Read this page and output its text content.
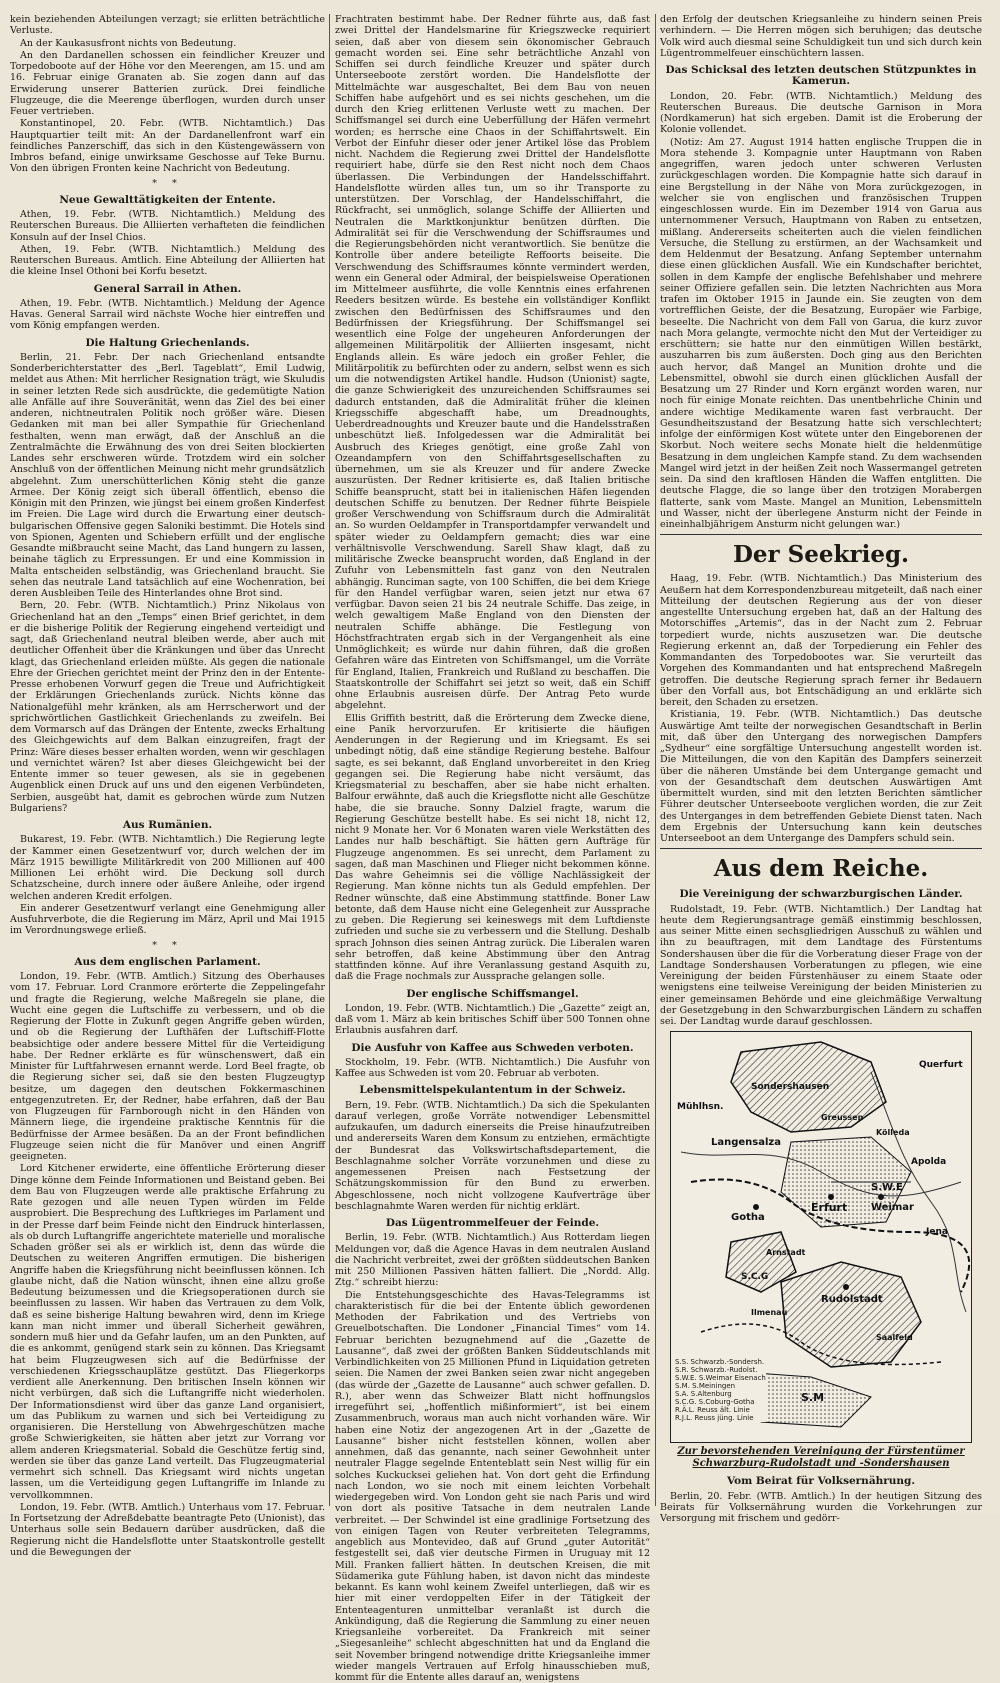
kein beziehenden Abteilungen verzagt; sie erlitten beträchtliche Verluste.

An der Kaukasusfront nichts von Bedeutung.

An den Dardanellen schossen ein feindlicher Kreuzer und Torpedoboote auf der Höhe vor den Meerengen, am 15. und am 16. Februar einige Granaten ab. Sie zogen dann auf das Erwiderung unserer Batterien zurück. Drei feindliche Flugzeuge, die die Meerenge überflogen, wurden durch unser Feuer vertrieben.

Konstantinopel, 20. Febr. (WTB. Nichtamtlich.) Das Hauptquartier teilt mit: An der Dardanellenfront warf ein feindliches Panzerschiff, das sich in den Küstengewässern von Imbros befand, einige unwirksame Geschosse auf Teke Burnu. Von den übrigen Fronten keine Nachricht von Bedeutung.

* *
Neue Gewalttätigkeiten der Entente.

Athen, 19. Febr. (WTB. Nichtamtlich.) Meldung des Reuterschen Bureaus. Die Alliierten verhafteten die feindlichen Konsuln auf der Insel Chios.

Athen, 19. Febr. (WTB. Nichtamtlich.) Meldung des Reuterschen Bureaus. Amtlich. Eine Abteilung der Alliierten hat die kleine Insel Othoni bei Korfu besetzt.

General Sarrail in Athen.

Athen, 19. Febr. (WTB. Nichtamtlich.) Meldung der Agence Havas. General Sarrail wird nächste Woche hier eintreffen und vom König empfangen werden.

Die Haltung Griechenlands.

Berlin, 21. Febr. Der nach Griechenland entsandte Sonderberichterstatter des „Berl. Tageblatt“, Emil Ludwig, meldet aus Athen: Mit herrlicher Resignation trägt, wie Skuludis in seiner letzten Rede sich ausdrückte, die gedemütigte Nation alle Anfälle auf ihre Souveränität, wenn das Ziel des bei einer anderen, nichtneutralen Politik noch größer wäre. Diesen Gedanken mit man bei aller Sympathie für Griechenland festhalten, wenn man erwägt, daß der Anschluß an die Zentralmächte die Erwähnung des von drei Seiten blockierten Landes sehr erschweren würde. Trotzdem wird ein solcher Anschluß von der öffentlichen Meinung nicht mehr grundsätzlich abgelehnt. Zum unerschütterlichen König steht die ganze Armee. Der König zeigt sich überall öffentlich, ebenso die Königin mit den Prinzen, wie jüngst bei einem großen Kinderfest im Freien. Die Lage wird durch die Erwartung einer deutsch-bulgarischen Offensive gegen Saloniki bestimmt. Die Hotels sind von Spionen, Agenten und Schiebern erfüllt und der englische Gesandte mißbraucht seine Macht, das Land hungern zu lassen, beinahe täglich zu Erpressungen. Er und eine Kommission in Malta entscheiden selbständig, was Griechenland braucht. Sie sehen das neutrale Land tatsächlich auf eine Wochenration, bei deren Ausbleiben Teile des Hinterlandes ohne Brot sind.

Bern, 20. Febr. (WTB. Nichtamtlich.) Prinz Nikolaus von Griechenland hat an den „Temps“ einen Brief gerichtet, in dem er die bisherige Politik der Regierung eingehend verteidigt und sagt, daß Griechenland neutral bleiben werde, aber auch mit deutlicher Offenheit über die Kränkungen und über das Unrecht klagt, das Griechenland erleiden müßte. Als gegen die nationale Ehre der Griechen gerichtet meint der Prinz den in der Entente-Presse erhobenen Vorwurf gegen die Treue und Aufrichtigkeit der Erklärungen Griechenlands zurück. Nichts könne das Nationalgefühl mehr kränken, als am Herrscherwort und der sprichwörtlichen Gastlichkeit Griechenlands zu zweifeln. Bei dem Vormarsch auf das Drängen der Entente, zwecks Erhaltung des Gleichgewichts auf dem Balkan einzugreifen, fragt der Prinz: Wäre dieses besser erhalten worden, wenn wir geschlagen und vernichtet wären? Ist aber dieses Gleichgewicht bei der Entente immer so teuer gewesen, als sie in gegebenen Augenblick einen Druck auf uns und den eigenen Verbündeten, Serbien, ausgeübt hat, damit es gebrochen würde zum Nutzen Bulgariens?

Aus Rumänien.

Bukarest, 19. Febr. (WTB. Nichtamtlich.) Die Regierung legte der Kammer einen Gesetzentwurf vor, durch welchen der im März 1915 bewilligte Militärkredit von 200 Millionen auf 400 Millionen Lei erhöht wird. Die Deckung soll durch Schatzscheine, durch innere oder äußere Anleihe, oder irgend welchen anderen Kredit erfolgen.

Ein anderer Gesetzentwurf verlangt eine Genehmigung aller Ausfuhrverbote, die die Regierung im März, April und Mai 1915 im Verordnungswege erließ.

* *
Aus dem englischen Parlament.

London, 19. Febr. (WTB. Amtlich.) Sitzung des Oberhauses vom 17. Februar. Lord Cranmore erörterte die Zeppelingefahr und fragte die Regierung, welche Maßregeln sie plane, die Wucht eine gegen die Luftschiffe zu verbessern, und ob die Regierung der Flotte in Zukunft gegen Angriffe geben würden, und ob die Regierung der Lufthäfen der Luftschiff-Flotte beabsichtige oder andere bessere Mittel für die Verteidigung habe. Der Redner erklärte es für wünschenswert, daß ein Minister für Luftfahrwesen ernannt werde. Lord Beel fragte, ob die Regierung sicher sei, daß sie den besten Flugzeugtyp besitze, um dagegen den deutschen Fokkermaschinen entgegenzutreten. Er, der Redner, habe erfahren, daß der Bau von Flugzeugen für Farnborough nicht in den Händen von Männern liege, die irgendeine praktische Kenntnis für die Bedürfnisse der Armee besäßen. Da an der Front befindlichen Flugzeuge seien nicht die für Manöver und einen Angriff geeigneten.

Lord Kitchener erwiderte, eine öffentliche Erörterung dieser Dinge könne dem Feinde Informationen und Beistand geben. Bei dem Bau von Flugzeugen werde alle praktische Erfahrung zu Rate gezogen und alle neuen Typen würden im Felde ausprobiert. Die Besprechung des Luftkrieges im Parlament und in der Presse darf beim Feinde nicht den Eindruck hinterlassen, als ob durch Luftangriffe angerichtete materielle und moralische Schaden größer sei als er wirklich ist, denn das würde die Deutschen zu weiteren Angriffen ermutigen. Die bisherigen Angriffe haben die Kriegsführung nicht beeinflussen können. Ich glaube nicht, daß die Nation wünscht, ihnen eine allzu große Bedeutung beizumessen und die Kriegsoperationen durch sie beeinflussen zu lassen. Wir haben das Vertrauen zu dem Volk, daß es seine bisherige Haltung bewahren wird, denn im Kriege kann man nicht immer und überall Sicherheit gewähren, sondern muß hier und da Gefahr laufen, um an den Punkten, auf die es ankommt, genügend stark sein zu können. Das Kriegsamt hat beim Flugzeugwesen sich auf die Bedürfnisse der verschiedenen Kriegsschauplätze gestützt. Das Fliegerkorps verdient alle Anerkennung. Den britischen Inseln können wir nicht verbürgen, daß sich die Luftangriffe nicht wiederholen. Der Informationsdienst wird über das ganze Land organisiert, um das Publikum zu warnen und sich bei Verteidigung zu organisieren. Die Herstellung von Abwehrgeschützen mache große Schwierigkeiten, sie hätten aber jetzt zur Vorrang vor allem anderen Kriegsmaterial. Sobald die Geschütze fertig sind, werden sie über das ganze Land verteilt. Das Flugzeugmaterial vermehrt sich schnell. Das Kriegsamt wird nichts ungetan lassen, um die Verteidigung gegen Luftangriffe im Inlande zu vervollkommnen.

London, 19. Febr. (WTB. Amtlich.) Unterhaus vom 17. Februar. In Fortsetzung der Adreßdebatte beantragte Peto (Unionist), das Unterhaus solle sein Bedauern darüber ausdrücken, daß die Regierung nicht die Handelsflotte unter Staatskontrolle gestellt und die Bewegungen der

Frachtraten bestimmt habe. Der Redner führte aus, daß fast zwei Drittel der Handelsmarine für Kriegszwecke requiriert seien, daß aber von diesem sein ökonomischer Gebrauch gemacht worden sei. Eine sehr beträchtliche Anzahl von Schiffen sei durch feindliche Kreuzer und später durch Unterseeboote zerstört worden. Die Handelsflotte der Mittelmächte war ausgeschaltet, Bei dem Bau von neuen Schiffen habe aufgehört und es sei nichts geschehen, um die durch den Krieg erlittenen Verluste wett zu machen. Der Schiffsmangel sei durch eine Ueberfüllung der Häfen vermehrt worden; es herrsche eine Chaos in der Schiffahrtswelt. Ein Verbot der Einfuhr dieser oder jener Artikel löse das Problem nicht. Nachdem die Regierung zwei Drittel der Handelsflotte requiriert habe, dürfe sie den Rest nicht noch dem Chaos überlassen. Die Verbindungen der Handelsschiffahrt. Handelsflotte würden alles tun, um so ihr Transporte zu unterstützen. Der Vorschlag, der Handelsschiffahrt, die Rückfracht, sei unmöglich, solange Schiffe der Alliierten und Neutralen die Marktkonjunktur benützen dürften. Die Admiralität sei für die Verschwendung der Schiffsraumes und die Regierungsbehörden nicht verantwortlich. Sie benütze die Kontrolle über andere beteiligte Reffoorts beiseite. Die Verschwendung des Schiffsraumes könnte vermindert werden, wenn ein General oder Admiral, der beispielsweise Operationen im Mittelmeer ausführte, die volle Kenntnis eines erfahrenen Reeders besitzen würde. Es bestehe ein vollständiger Konflikt zwischen den Bedürfnissen des Schiffsraumes und den Bedürfnissen der Kriegsführung. Der Schiffsmangel sei wesentlich eine Folge der ungeheuren Anforderungen der allgemeinen Militärpolitik der Alliierten insgesamt, nicht Englands allein. Es wäre jedoch ein großer Fehler, die Militärpolitik zu befürchten oder zu andern, selbst wenn es sich um die notwendigsten Artikel handle. Hudson (Unionist) sagte, die ganze Schwierigkeit des unzureichenden Schiffsraumes sei dadurch entstanden, daß die Admiralität früher die kleinen Kriegsschiffe abgeschafft habe, um Dreadnoughts, Ueberdreadnoughts und Kreuzer baute und die Handelsstraßen unbeschützt ließ. Infolgedessen war die Admiralität bei Ausbruch des Krieges genötigt, eine große Zahl von Ozeandampfern von den Schiffahrtsgesellschaften zu übernehmen, um sie als Kreuzer und für andere Zwecke auszurüsten. Der Redner kritisierte es, daß Italien britische Schiffe beansprucht, statt bei in italienischen Häfen liegenden deutschen Schiffe zu benutzen. Der Redner führte Beispiele großer Verschwendung von Schiffsraum durch die Admiralität an. So wurden Oeldampfer in Transportdampfer verwandelt und später wieder zu Oeldampfern gemacht; dies war eine verhältnisvolle Verschwendung. Sarell Shaw klagt, daß zu militärische Zwecke beansprucht worden, daß England in der Zufuhr von Lebensmitteln fast ganz von den Neutralen abhängig. Runciman sagte, von 100 Schiffen, die bei dem Kriege für den Handel verfügbar waren, seien jetzt nur etwa 67 verfügbar. Davon seien 21 bis 24 neutrale Schiffe. Das zeige, in welch gewaltigem Maße England von den Diensten der neutralen Schiffe abhänge. Die Festlegung von Höchstfrachtraten ergab sich in der Vergangenheit als eine Unmöglichkeit; es würde nur dahin führen, daß die großen Gefahren wäre das Eintreten von Schiffsmangel, um die Vorräte für England, Italien, Frankreich und Rußland zu beschaffen. Die Staatskontrolle der Schiffahrt sei jetzt so weit, daß ein Schiff ohne Erlaubnis ausreisen dürfe. Der Antrag Peto wurde abgelehnt.

Ellis Griffith bestritt, daß die Erörterung dem Zwecke diene, eine Panik hervorzurufen. Er kritisierte die häufigen Aenderungen in der Regierung und im Kriegsamt. Es sei unbedingt nötig, daß eine ständige Regierung bestehe. Balfour sagte, es sei bekannt, daß England unvorbereitet in den Krieg gegangen sei. Die Regierung habe nicht versäumt, das Kriegsmaterial zu beschaffen, aber sie habe nicht erhalten. Balfour erwähnte, daß auch die Kriegsflotte nicht alle Geschütze habe, die sie brauche. Sonny Dalziel fragte, warum die Regierung Geschütze bestellt habe. Es sei nicht 18, nicht 12, nicht 9 Monate her. Vor 6 Monaten waren viele Werkstätten des Landes nur halb beschäftigt. Sie hätten gern Aufträge für Flugzeuge angenommen. Es sei unrecht, dem Parlament zu sagen, daß man Maschinen und Flieger nicht bekommen könne. Das wahre Geheimnis sei die völlige Nachlässigkeit der Regierung. Man könne nichts tun als Geduld empfehlen. Der Redner wünschte, daß eine Abstimmung stattfinde. Boner Law betonte, daß dem Hause nicht eine Gelegenheit zur Aussprache zu geben. Die Regierung sei keineswegs mit dem Luftdienste zufrieden und suche sie zu verbessern und die Stellung. Deshalb sprach Johnson dies seinen Antrag zurück. Die Liberalen waren sehr betroffen, daß keine Abstimmung über den Antrag stattfinden könne. Auf ihre Veranlassung gestand Asquith zu, daß die Frage nochmals zur Aussprache gelangen solle.

Der englische Schiffsmangel.

London, 19. Febr. (WTB. Nichtamtlich.) Die „Gazette“ zeigt an, daß vom 1. März ab kein britisches Schiff über 500 Tonnen ohne Erlaubnis ausfahren darf.

Die Ausfuhr von Kaffee aus Schweden verboten.

Stockholm, 19. Febr. (WTB. Nichtamtlich.) Die Ausfuhr von Kaffee aus Schweden ist vom 20. Februar ab verboten.

Lebensmittelspekulantentum in der Schweiz.

Bern, 19. Febr. (WTB. Nichtamtlich.) Da sich die Spekulanten darauf verlegen, große Vorräte notwendiger Lebensmittel aufzukaufen, um dadurch einerseits die Preise hinaufzutreiben und andererseits Waren dem Konsum zu entziehen, ermächtigte der Bundesrat das Volkswirtschaftsdepartement, die Beschlagnahme solcher Vorräte vorzunehmen und diese zu angemessenen Preisen nach Festsetzung der Schätzungskommission für den Bund zu erwerben. Abgeschlossene, noch nicht vollzogene Kaufverträge über beschlagnahmte Waren werden für nichtig erklärt.

Das Lügentrommelfeuer der Feinde.

Berlin, 19. Febr. (WTB. Nichtamtlich.) Aus Rotterdam liegen Meldungen vor, daß die Agence Havas in dem neutralen Ausland die Nachricht verbreitet, zwei der größten süddeutschen Banken mit 250 Millionen Passiven hätten falliert. Die „Nordd. Allg. Ztg.“ schreibt hierzu:

Die Entstehungsgeschichte des Havas-Telegramms ist charakteristisch für die bei der Entente üblich gewordenen Methoden der Fabrikation und des Vertriebs von Greuelbotschaften. Die Londoner „Financial Times“ vom 14. Februar berichten bezugnehmend auf die „Gazette de Lausanne“, daß zwei der größten Banken Süddeutschlands mit Verbindlichkeiten von 25 Millionen Pfund in Liquidation getreten seien. Die Namen der zwei Banken seien zwar nicht angegeben (das würde der „Gazette de Lausanne“ auch schwer gefallen. D. R.), aber wenn das Schweizer Blatt nicht hoffnungslos irregeführt sei, „hoffentlich mißinformiert“, ist bei einem Zusammenbruch, woraus man auch nicht vorhanden wäre. Wir haben eine Notiz der angezogenen Art in der „Gazette de Lausanne“ bisher nicht feststellen können, wollen aber annehmen, daß das genannte, nach seiner Gewohnheit unter neutraler Flagge segelnde Ententeblatt sein Nest willig für ein solches Kuckucksei geliehen hat. Von dort geht die Erfindung nach London, wo sie noch mit einem leichten Vorbehalt wiedergegeben wird. Von London geht sie nach Paris und wird von dort als positive Tatsache in dem neutralen Lande verbreitet. — Der Schwindel ist eine gradlinige Fortsetzung des von einigen Tagen von Reuter verbreiteten Telegramms, angeblich aus Montevideo, daß auf Grund „guter Autorität“ festgestellt sei, daß vier deutsche Firmen in Uruguay mit 12 Mill. Franken falliert hätten. In deutschen Kreisen, die mit Südamerika gute Fühlung haben, ist davon nicht das mindeste bekannt. Es kann wohl keinem Zweifel unterliegen, daß wir es hier mit einer verdoppelten Eifer in der Tätigkeit der Ententeagenturen unmittelbar veranlaßt ist durch die Ankündigung, daß die Regierung die Sammlung zu einer neuen Kriegsanleihe vorbereitet. Da Frankreich mit seiner „Siegesanleihe“ schlecht abgeschnitten hat und da England die seit November bringend notwendige dritte Kriegsanleihe immer wieder mangels Vertrauen auf Erfolg hinausschieben muß, kommt für die Entente alles darauf an, wenigstens

den Erfolg der deutschen Kriegsanleihe zu hindern seinen Preis verhindern. — Die Herren mögen sich beruhigen; das deutsche Volk wird auch diesmal seine Schuldigkeit tun und sich durch kein Lügentrommelfeuer einschüchtern lassen.

Das Schicksal des letzten deutschen Stützpunktes in Kamerun.

London, 20. Febr. (WTB. Nichtamtlich.) Meldung des Reuterschen Bureaus. Die deutsche Garnison in Mora (Nordkamerun) hat sich ergeben. Damit ist die Eroberung der Kolonie vollendet.

(Notiz: Am 27. August 1914 hatten englische Truppen die in Mora stehende 3. Kompagnie unter Hauptmann von Raben angegriffen, waren jedoch unter schweren Verlusten zurückgeschlagen worden. Die Kompagnie hatte sich darauf in eine Bergstellung in der Nähe von Mora zurückgezogen, in welcher sie von englischen und französischen Truppen eingeschlossen wurde. Ein im Dezember 1914 von Garua aus unternommener Versuch, Hauptmann von Raben zu entsetzen, mißlang. Andererseits scheiterten auch die vielen feindlichen Versuche, die Stellung zu erstürmen, an der Wachsamkeit und dem Heldenmut der Besatzung. Anfang September unternahm diese einen glücklichen Ausfall. Wie ein Kundschafter berichtet, sollen in dem Kampfe der englische Befehlshaber und mehrere seiner Offiziere gefallen sein. Die letzten Nachrichten aus Mora trafen im Oktober 1915 in Jaunde ein. Sie zeugten von dem vortrefflichen Geiste, der die Besatzung, Europäer wie Farbige, beseelte. Die Nachricht von dem Fall von Garua, die kurz zuvor nach Mora gelangte, vermochte nicht den Mut der Verteidiger zu erschüttern; sie hatte nur den einmütigen Willen bestärkt, auszuharren bis zum äußersten. Doch ging aus den Berichten auch hervor, daß Mangel an Munition drohte und die Lebensmittel, obwohl sie durch einen glücklichen Ausfall der Besatzung um 27 Rinder und Korn ergänzt worden waren, nur noch für einige Monate reichten. Das unentbehrliche Chinin und andere wichtige Medikamente waren fast verbraucht. Der Gesundheitszustand der Besatzung hatte sich verschlechtert; infolge der einförmigen Kost wütete unter den Eingeborenen der Skorbut. Noch weitere sechs Monate hielt die heldenmütige Besatzung in dem ungleichen Kampfe stand. Zu dem wachsenden Mangel wird jetzt in der heißen Zeit noch Wassermangel getreten sein. Da sind den kraftlosen Händen die Waffen entglitten. Die deutsche Flagge, die so lange über den trotzigen Morabergen flatterte, sank vom Maste. Mangel an Munition, Lebensmitteln und Wasser, nicht der überlegene Ansturm nicht der Feinde in eineinhalbjährigem Ansturm nicht gelungen war.)

Der Seekrieg.

Haag, 19. Febr. (WTB. Nichtamtlich.) Das Ministerium des Aeußern hat dem Korrespondenzbureau mitgeteilt, daß nach einer Mitteilung der deutschen Regierung aus der von dieser angestellte Untersuchung ergeben hat, daß an der Haltung des Motorschiffes „Artemis“, das in der Nacht zum 2. Februar torpediert wurde, nichts auszusetzen war. Die deutsche Regierung erkennt an, daß der Torpedierung ein Fehler des Kommandanten des Torpedobootes war. Sie verurteilt das Vorgehen des Kommandanten und hat entsprechend Maßregeln getroffen. Die deutsche Regierung sprach ferner ihr Bedauern über den Vorfall aus, bot Entschädigung an und erklärte sich bereit, den Schaden zu ersetzen.

Kristiania, 19. Febr. (WTB. Nichtamtlich.) Das deutsche Auswärtige Amt teilte der norwegischen Gesandtschaft in Berlin mit, daß über den Untergang des norwegischen Dampfers „Sydheur“ eine sorgfältige Untersuchung angestellt worden ist. Die Mitteilungen, die von den Kapitän des Dampfers seinerzeit über die näheren Umstände bei dem Untergange gemacht und von der Gesandtschaft dem deutschen Auswärtigen Amt übermittelt wurden, sind mit den letzten Berichten sämtlicher Führer deutscher Unterseeboote verglichen worden, die zur Zeit des Unterganges in dem betreffenden Gebiete Dienst taten. Nach dem Ergebnis der Untersuchung kann kein deutsches Unterseeboot an dem Untergange des Dampfers schuld sein.

Aus dem Reiche.
Die Vereinigung der schwarzburgischen Länder.

Rudolstadt, 19. Febr. (WTB. Nichtamtlich.) Der Landtag hat heute dem Regierungsantrage gemäß einstimmig beschlossen, aus seiner Mitte einen sechsgliedrigen Ausschuß zu wählen und ihn zu beauftragen, mit dem Landtage des Fürstentums Sondershausen über die für die Vorberatung dieser Frage von der Landtage Sondershausen Vorberatungen zu pflegen, wie eine Vereinigung der beiden Fürstenhäuser zu einem Staate oder wenigstens eine teilweise Vereinigung der beiden Ministerien zu einer gemeinsamen Behörde und eine gleichmäßige Verwaltung der Gesetzgebung in den Schwarzburgischen Ländern zu schaffen sei. Der Landtag wurde darauf geschlossen.

Sondershausen
Mühlhsn.
Langensalza
Erfurt Weimar
Apolda
Jena
Gotha
Arnstadt
Rudolstadt
Ilmenau
Querfurt
S.M
S.W.E
S.C.G
Saalfeld
Greussen
Kölleda
S.S. Schwarzb.-Sondersh.
S.R. Schwarzb.-Rudolst.
S.W.E. S.Weimar Eisenach
S.M. S.Meiningen
S.A. S.Altenburg
S.C.G. S.Coburg-Gotha
R.Ä.L. Reuss ält. Linie
R.J.L. Reuss jüng. Linie
Zur bevorstehenden Vereinigung der Fürstentümer Schwarzburg-Rudolstadt und -Sondershausen
Vom Beirat für Volksernährung.

Berlin, 20. Febr. (WTB. Amtlich.) In der heutigen Sitzung des Beirats für Volksernährung wurden die Vorkehrungen zur Versorgung mit frischem und gedörr-
